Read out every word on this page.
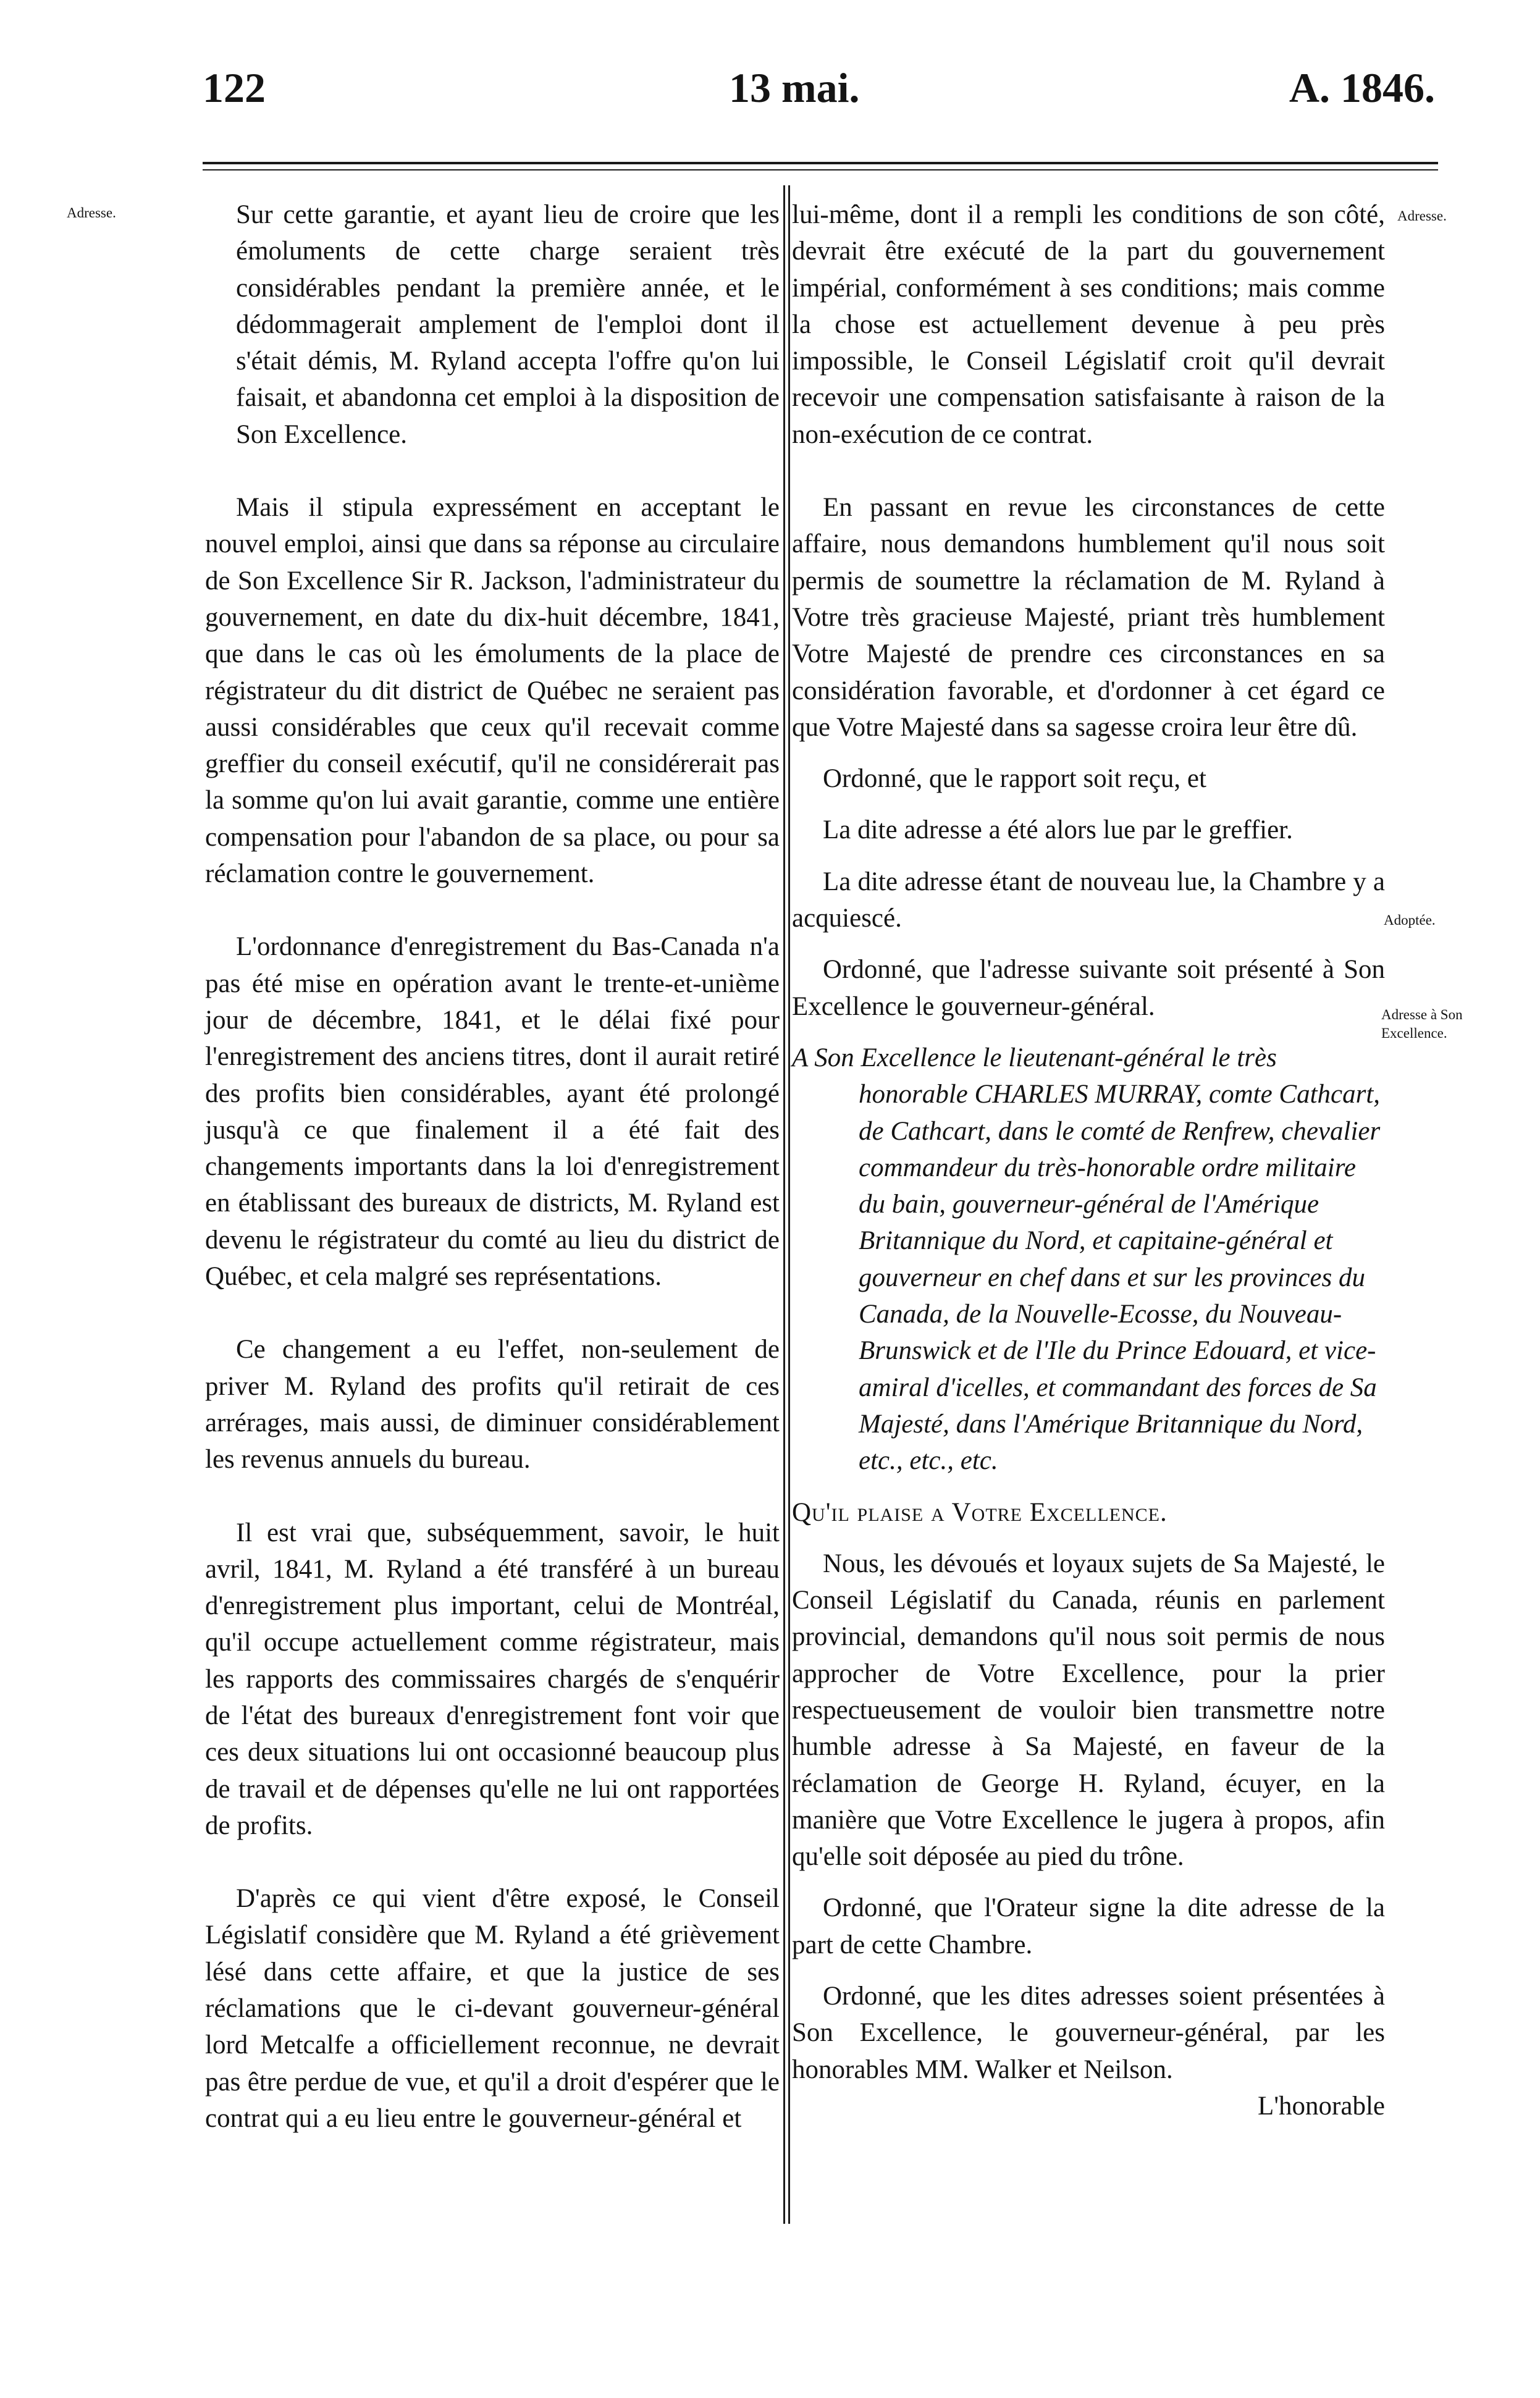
122	13 mai.	A. 1846.
Adresse.	Adresse.
Adoptée.
Adresse à Son
Excellence.

Sur cette garantie, et ayant lieu de croire que les émoluments de cette charge seraient très considérables pendant la première année, et le dédommagerait amplement de l'emploi dont il s'était démis, M. Ryland accepta l'offre qu'on lui faisait, et abandonna cet emploi à la disposition de Son Excellence.

Mais il stipula expressément en acceptant le nouvel emploi, ainsi que dans sa réponse au circulaire de Son Excellence Sir R. Jackson, l'administrateur du gouvernement, en date du dix-huit décembre, 1841, que dans le cas où les émoluments de la place de régistrateur du dit district de Québec ne seraient pas aussi considérables que ceux qu'il recevait comme greffier du conseil exécutif, qu'il ne considérerait pas la somme qu'on lui avait garantie, comme une entière compensation pour l'abandon de sa place, ou pour sa réclamation contre le gouvernement.

L'ordonnance d'enregistrement du Bas-Canada n'a pas été mise en opération avant le trente-et-unième jour de décembre, 1841, et le délai fixé pour l'enregistrement des anciens titres, dont il aurait retiré des profits bien considérables, ayant été prolongé jusqu'à ce que finalement il a été fait des changements importants dans la loi d'enregistrement en établissant des bureaux de districts, M. Ryland est devenu le régistrateur du comté au lieu du district de Québec, et cela malgré ses représentations.

Ce changement a eu l'effet, non-seulement de priver M. Ryland des profits qu'il retirait de ces arrérages, mais aussi, de diminuer considérablement les revenus annuels du bureau.

Il est vrai que, subséquemment, savoir, le huit avril, 1841, M. Ryland a été transféré à un bureau d'enregistrement plus important, celui de Montréal, qu'il occupe actuellement comme régistrateur, mais les rapports des commissaires chargés de s'enquérir de l'état des bureaux d'enregistrement font voir que ces deux situations lui ont occasionné beaucoup plus de travail et de dépenses qu'elle ne lui ont rapportées de profits.

D'après ce qui vient d'être exposé, le Conseil Législatif considère que M. Ryland a été grièvement lésé dans cette affaire, et que la justice de ses réclamations que le ci-devant gouverneur-général lord Metcalfe a officiellement reconnue, ne devrait pas être perdue de vue, et qu'il a droit d'espérer que le contrat qui a eu lieu entre le gouverneur-général et

lui-même, dont il a rempli les conditions de son côté, devrait être exécuté de la part du gouvernement impérial, conformément à ses conditions; mais comme la chose est actuellement devenue à peu près impossible, le Conseil Législatif croit qu'il devrait recevoir une compensation satisfaisante à raison de la non-exécution de ce contrat.

En passant en revue les circonstances de cette affaire, nous demandons humblement qu'il nous soit permis de soumettre la réclamation de M. Ryland à Votre très gracieuse Majesté, priant très humblement Votre Majesté de prendre ces circonstances en sa considération favorable, et d'ordonner à cet égard ce que Votre Majesté dans sa sagesse croira leur être dû.

Ordonné, que le rapport soit reçu, et

La dite adresse a été alors lue par le greffier.

La dite adresse étant de nouveau lue, la Chambre y a acquiescé.

Ordonné, que l'adresse suivante soit présenté à Son Excellence le gouverneur-général.

A Son Excellence le lieutenant-général le très honorable CHARLES MURRAY, comte Cathcart, de Cathcart, dans le comté de Renfrew, chevalier commandeur du très-honorable ordre militaire du bain, gouverneur-général de l'Amérique Britannique du Nord, et capitaine-général et gouverneur en chef dans et sur les provinces du Canada, de la Nouvelle-Ecosse, du Nouveau-Brunswick et de l'Ile du Prince Edouard, et vice-amiral d'icelles, et commandant des forces de Sa Majesté, dans l'Amérique Britannique du Nord, etc., etc., etc.

Qu'il plaise a Votre Excellence.

Nous, les dévoués et loyaux sujets de Sa Majesté, le Conseil Législatif du Canada, réunis en parlement provincial, demandons qu'il nous soit permis de nous approcher de Votre Excellence, pour la prier respectueusement de vouloir bien transmettre notre humble adresse à Sa Majesté, en faveur de la réclamation de George H. Ryland, écuyer, en la manière que Votre Excellence le jugera à propos, afin qu'elle soit déposée au pied du trône.

Ordonné, que l'Orateur signe la dite adresse de la part de cette Chambre.

Ordonné, que les dites adresses soient présentées à Son Excellence, le gouverneur-général, par les honorables MM. Walker et Neilson.

L'honorable
